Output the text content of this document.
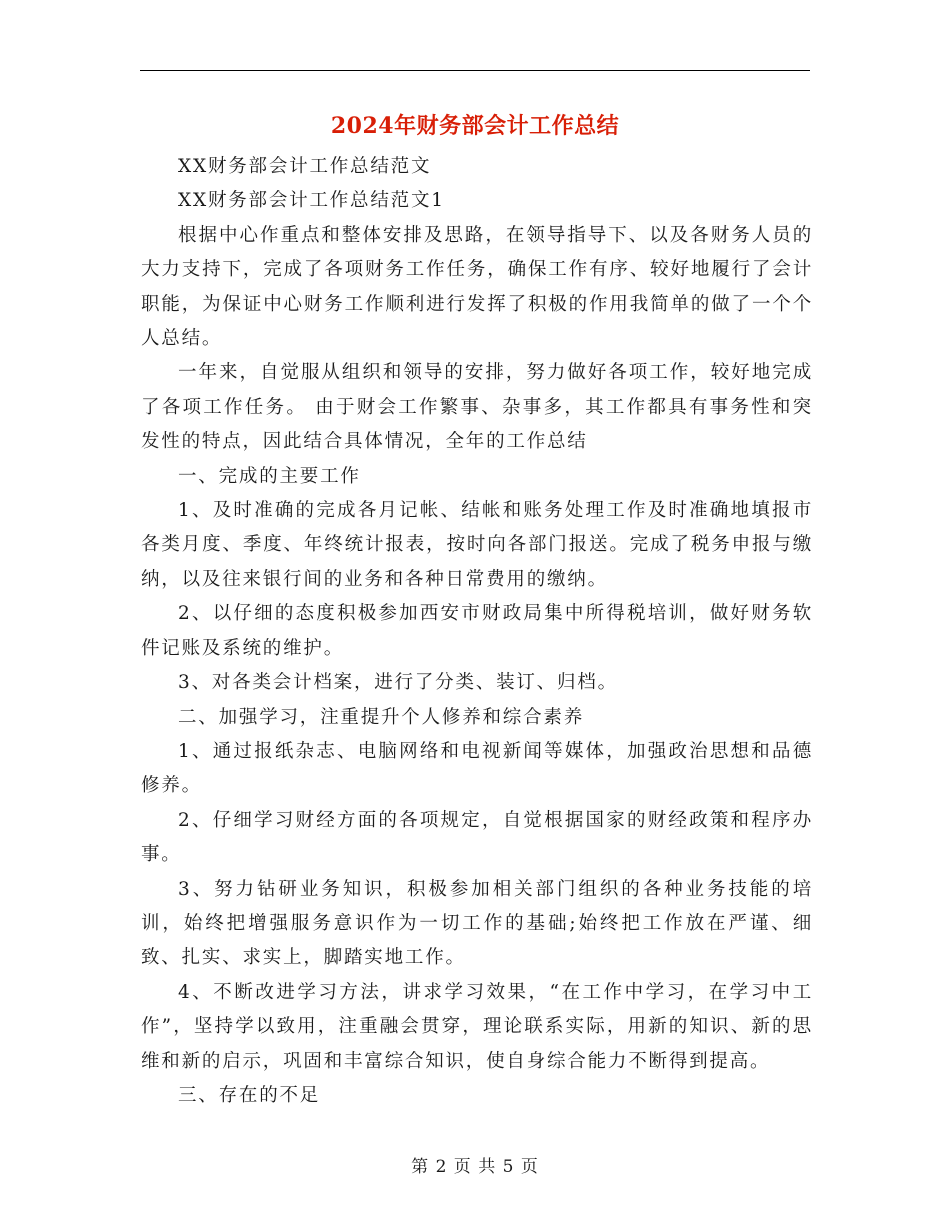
2024年财务部会计工作总结

XX财务部会计工作总结范文

XX财务部会计工作总结范文1

根据中心作重点和整体安排及思路，在领导指导下、以及各财务人员的大力支持下，完成了各项财务工作任务，确保工作有序、较好地履行了会计职能，为保证中心财务工作顺利进行发挥了积极的作用我简单的做了一个个人总结。

一年来，自觉服从组织和领导的安排，努力做好各项工作，较好地完成了各项工作任务。 由于财会工作繁事、杂事多，其工作都具有事务性和突发性的特点，因此结合具体情况，全年的工作总结

一、完成的主要工作

1、及时准确的完成各月记帐、结帐和账务处理工作及时准确地填报市各类月度、季度、年终统计报表，按时向各部门报送。完成了税务申报与缴纳，以及往来银行间的业务和各种日常费用的缴纳。

2、以仔细的态度积极参加西安市财政局集中所得税培训，做好财务软件记账及系统的维护。

3、对各类会计档案，进行了分类、装订、归档。

二、加强学习，注重提升个人修养和综合素养

1、通过报纸杂志、电脑网络和电视新闻等媒体，加强政治思想和品德修养。

2、仔细学习财经方面的各项规定，自觉根据国家的财经政策和程序办事。

3、努力钻研业务知识，积极参加相关部门组织的各种业务技能的培训，始终把增强服务意识作为一切工作的基础;始终把工作放在严谨、细致、扎实、求实上，脚踏实地工作。

4、不断改进学习方法，讲求学习效果，“在工作中学习，在学习中工作”，坚持学以致用，注重融会贯穿，理论联系实际，用新的知识、新的思维和新的启示，巩固和丰富综合知识，使自身综合能力不断得到提高。

三、存在的不足

第 2 页 共 5 页
